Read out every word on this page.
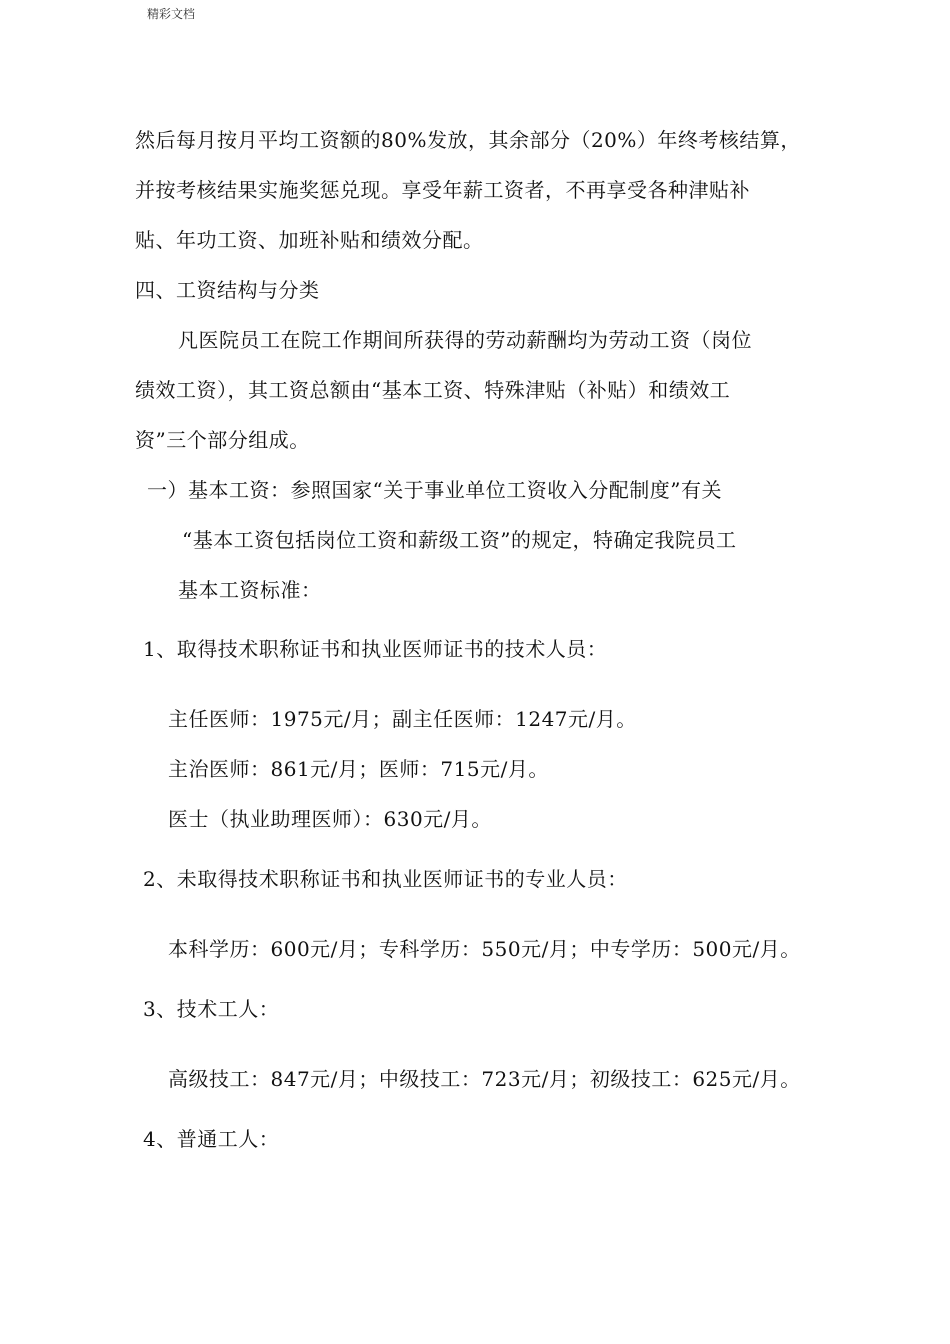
精彩文档
然后每月按月平均工资额的80%发放，其余部分（20%）年终考核结算，
并按考核结果实施奖惩兑现。享受年薪工资者，不再享受各种津贴补
贴、年功工资、加班补贴和绩效分配。
四、工资结构与分类
凡医院员工在院工作期间所获得的劳动薪酬均为劳动工资（岗位
绩效工资），其工资总额由“基本工资、特殊津贴（补贴）和绩效工
资”三个部分组成。
一）基本工资：参照国家“关于事业单位工资收入分配制度”有关
“基本工资包括岗位工资和薪级工资”的规定，特确定我院员工
基本工资标准：
1、取得技术职称证书和执业医师证书的技术人员：
主任医师：1975元/月；副主任医师：1247元/月。
主治医师：861元/月；医师：715元/月。
医士（执业助理医师）：630元/月。
2、未取得技术职称证书和执业医师证书的专业人员：
本科学历：600元/月；专科学历：550元/月；中专学历：500元/月。
3、技术工人：
高级技工：847元/月；中级技工：723元/月；初级技工：625元/月。
4、普通工人：
